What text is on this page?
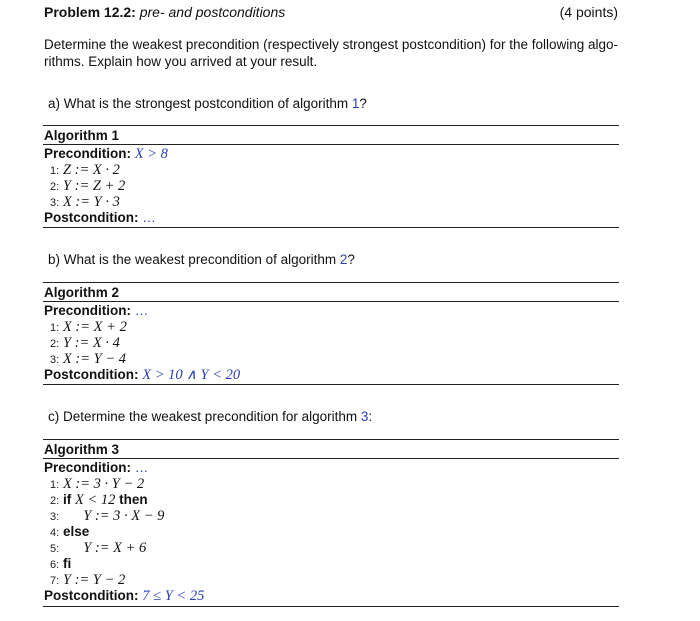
Problem 12.2: pre- and postconditions	(4 points)
Determine the weakest precondition (respectively strongest postcondition) for the following algo-
rithms. Explain how you arrived at your result.
a) What is the strongest postcondition of algorithm 1?
Algorithm 1
Precondition: X > 8
1: Z := X · 2
2: Y := Z + 2
3: X := Y · 3
Postcondition: …
b) What is the weakest precondition of algorithm 2?
Algorithm 2
Precondition: …
1: X := X + 2
2: Y := X · 4
3: X := Y − 4
Postcondition: X > 10 ∧ Y < 20
c) Determine the weakest precondition for algorithm 3:
Algorithm 3
Precondition: …
1: X := 3 · Y − 2
2: if X < 12 then
3: Y := 3 · X − 9
4: else
5: Y := X + 6
6: fi
7: Y := Y − 2
Postcondition: 7 ≤ Y < 25
